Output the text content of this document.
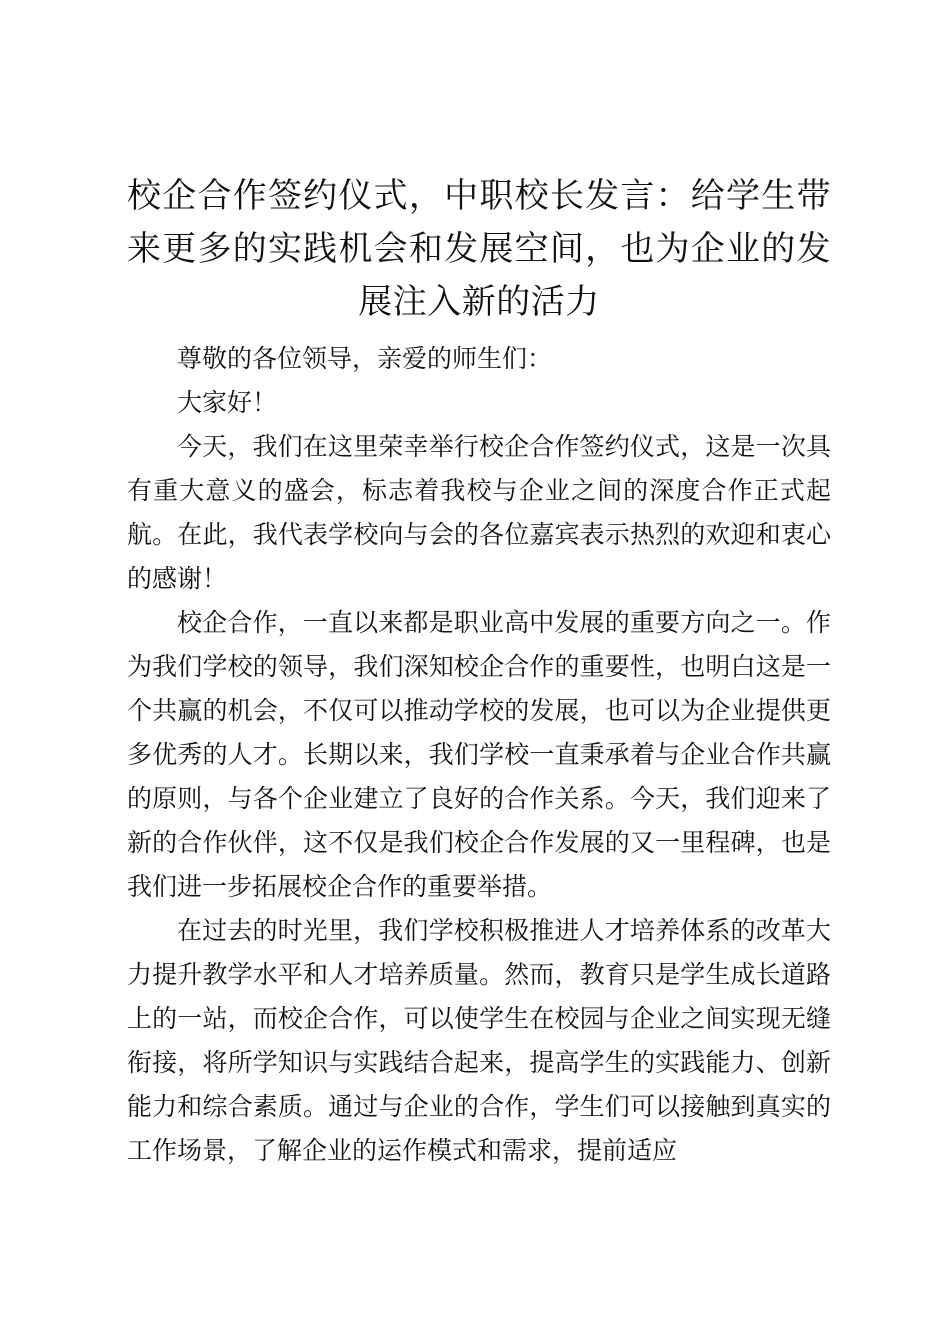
校企合作签约仪式，中职校长发言：给学生带来更多的实践机会和发展空间，也为企业的发展注入新的活力

尊敬的各位领导，亲爱的师生们：

大家好！

今天，我们在这里荣幸举行校企合作签约仪式，这是一次具有重大意义的盛会，标志着我校与企业之间的深度合作正式起航。在此，我代表学校向与会的各位嘉宾表示热烈的欢迎和衷心的感谢！

校企合作，一直以来都是职业高中发展的重要方向之一。作为我们学校的领导，我们深知校企合作的重要性，也明白这是一个共赢的机会，不仅可以推动学校的发展，也可以为企业提供更多优秀的人才。长期以来，我们学校一直秉承着与企业合作共赢的原则，与各个企业建立了良好的合作关系。今天，我们迎来了新的合作伙伴，这不仅是我们校企合作发展的又一里程碑，也是我们进一步拓展校企合作的重要举措。

在过去的时光里，我们学校积极推进人才培养体系的改革大力提升教学水平和人才培养质量。然而，教育只是学生成长道路上的一站，而校企合作，可以使学生在校园与企业之间实现无缝衔接，将所学知识与实践结合起来，提高学生的实践能力、创新能力和综合素质。通过与企业的合作，学生们可以接触到真实的工作场景，了解企业的运作模式和需求，提前适应
